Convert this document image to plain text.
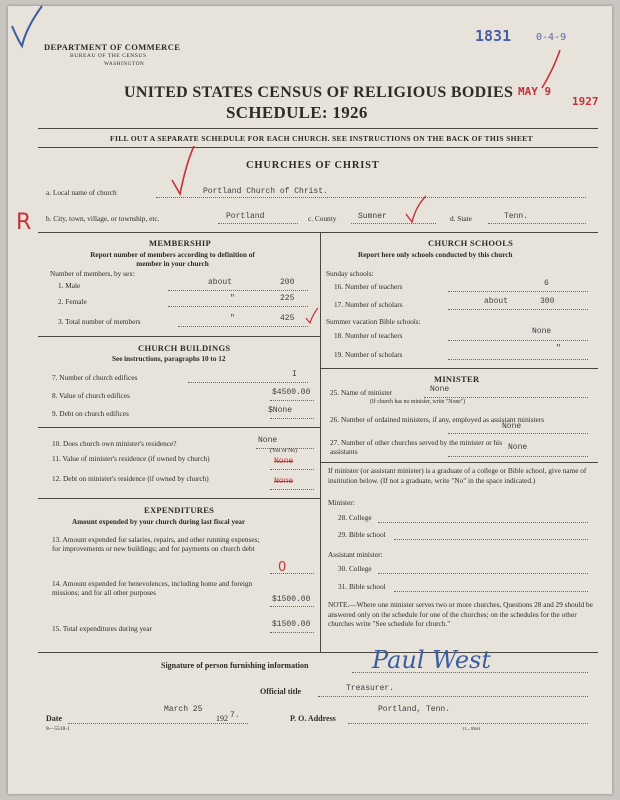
DEPARTMENT OF COMMERCE
BUREAU OF THE CENSUS
WASHINGTON
1831 0-4-9
MAY 9
1927
UNITED STATES CENSUS OF RELIGIOUS BODIES
SCHEDULE: 1926
FILL OUT A SEPARATE SCHEDULE FOR EACH CHURCH. SEE INSTRUCTIONS ON THE BACK OF THIS SHEET
CHURCHES OF CHRIST
a. Local name of church	Portland Church of Christ.
R b. City, town, village, or township, etc.	Portland	c. County	Sumner	d. State	Tenn.
MEMBERSHIP
Report number of members according to definition of member in your church
Number of members, by sex:
1. Male	about	200
2. Female	"	225
3. Total number of members	"	425
CHURCH BUILDINGS
See instructions, paragraphs 10 to 12
7. Number of church edifices	I
8. Value of church edifices	$4500.00
9. Debt on church edifices	$None
10. Does church own minister's residence?	None
(Yes or No)
11. Value of minister's residence (if owned by church)	None
12. Debt on minister's residence (if owned by church)	None
EXPENDITURES
Amount expended by your church during last fiscal year
13. Amount expended for salaries, repairs, and other running expenses; for improvements or new buildings; and for payments on church debt
0
14. Amount expended for benevolences, including home and foreign missions; and for all other purposes
$1500.00
15. Total expenditures during year	$1500.00
CHURCH SCHOOLS
Report here only schools conducted by this church
Sunday schools:
16. Number of teachers	6
17. Number of scholars	about	300
Summer vacation Bible schools:
18. Number of teachers	None
19. Number of scholars
"
MINISTER
25. Name of minister	None
(If church has no minister, write "None")
26. Number of ordained ministers, if any, employed as assistant ministers
None
27. Number of other churches served by the minister or his assistants	None
If minister (or assistant minister) is a graduate of a college or Bible school, give name of institution below. (If not a graduate, write "No" in the space indicated.)
Minister:
28. College
29. Bible school
Assistant minister:
30. College
31. Bible school
NOTE.—Where one minister serves two or more churches, Questions 28 and 29 should be answered only on the schedule for one of the churches; on the schedules for the other churches write "See schedule for church."
Signature of person furnishing information	Paul West
Official title	Treasurer.
Date
March 25
192 7.
8—5518-1
P. O. Address
Portland, Tenn.
11—9364
